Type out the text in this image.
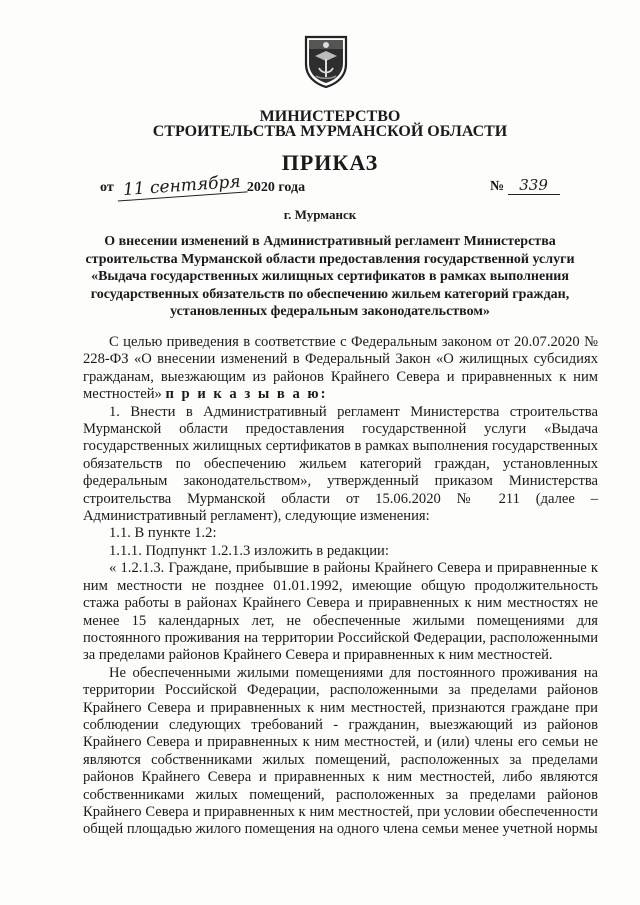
МИНИСТЕРСТВО
СТРОИТЕЛЬСТВА МУРМАНСКОЙ ОБЛАСТИ
ПРИКАЗ
от 11 сентября 2020 года	№ 339
г. Мурманск
О внесении изменений в Административный регламент Министерства
строительства Мурманской области предоставления государственной услуги
«Выдача государственных жилищных сертификатов в рамках выполнения
государственных обязательств по обеспечению жильем категорий граждан,
установленных федеральным законодательством»

С целью приведения в соответствие с Федеральным законом от 20.07.2020 № 228-ФЗ «О внесении изменений в Федеральный Закон «О жилищных субсидиях гражданам, выезжающим из районов Крайнего Севера и приравненных к ним местностей» п р и к а з ы в а ю:

1. Внести в Административный регламент Министерства строительства Мурманской области предоставления государственной услуги «Выдача государственных жилищных сертификатов в рамках выполнения государственных обязательств по обеспечению жильем категорий граждан, установленных федеральным законодательством», утвержденный приказом Министерства строительства Мурманской области от 15.06.2020 № 211 (далее – Административный регламент), следующие изменения:

1.1. В пункте 1.2:

1.1.1. Подпункт 1.2.1.3 изложить в редакции:

« 1.2.1.3. Граждане, прибывшие в районы Крайнего Севера и приравненные к ним местности не позднее 01.01.1992, имеющие общую продолжительность стажа работы в районах Крайнего Севера и приравненных к ним местностях не менее 15 календарных лет, не обеспеченные жилыми помещениями для постоянного проживания на территории Российской Федерации, расположенными за пределами районов Крайнего Севера и приравненных к ним местностей.

Не обеспеченными жилыми помещениями для постоянного проживания на территории Российской Федерации, расположенными за пределами районов Крайнего Севера и приравненных к ним местностей, признаются граждане при соблюдении следующих требований - гражданин, выезжающий из районов Крайнего Севера и приравненных к ним местностей, и (или) члены его семьи не являются собственниками жилых помещений, расположенных за пределами районов Крайнего Севера и приравненных к ним местностей, либо являются собственниками жилых помещений, расположенных за пределами районов Крайнего Севера и приравненных к ним местностей, при условии обеспеченности общей площадью жилого помещения на одного члена семьи менее учетной нормы
